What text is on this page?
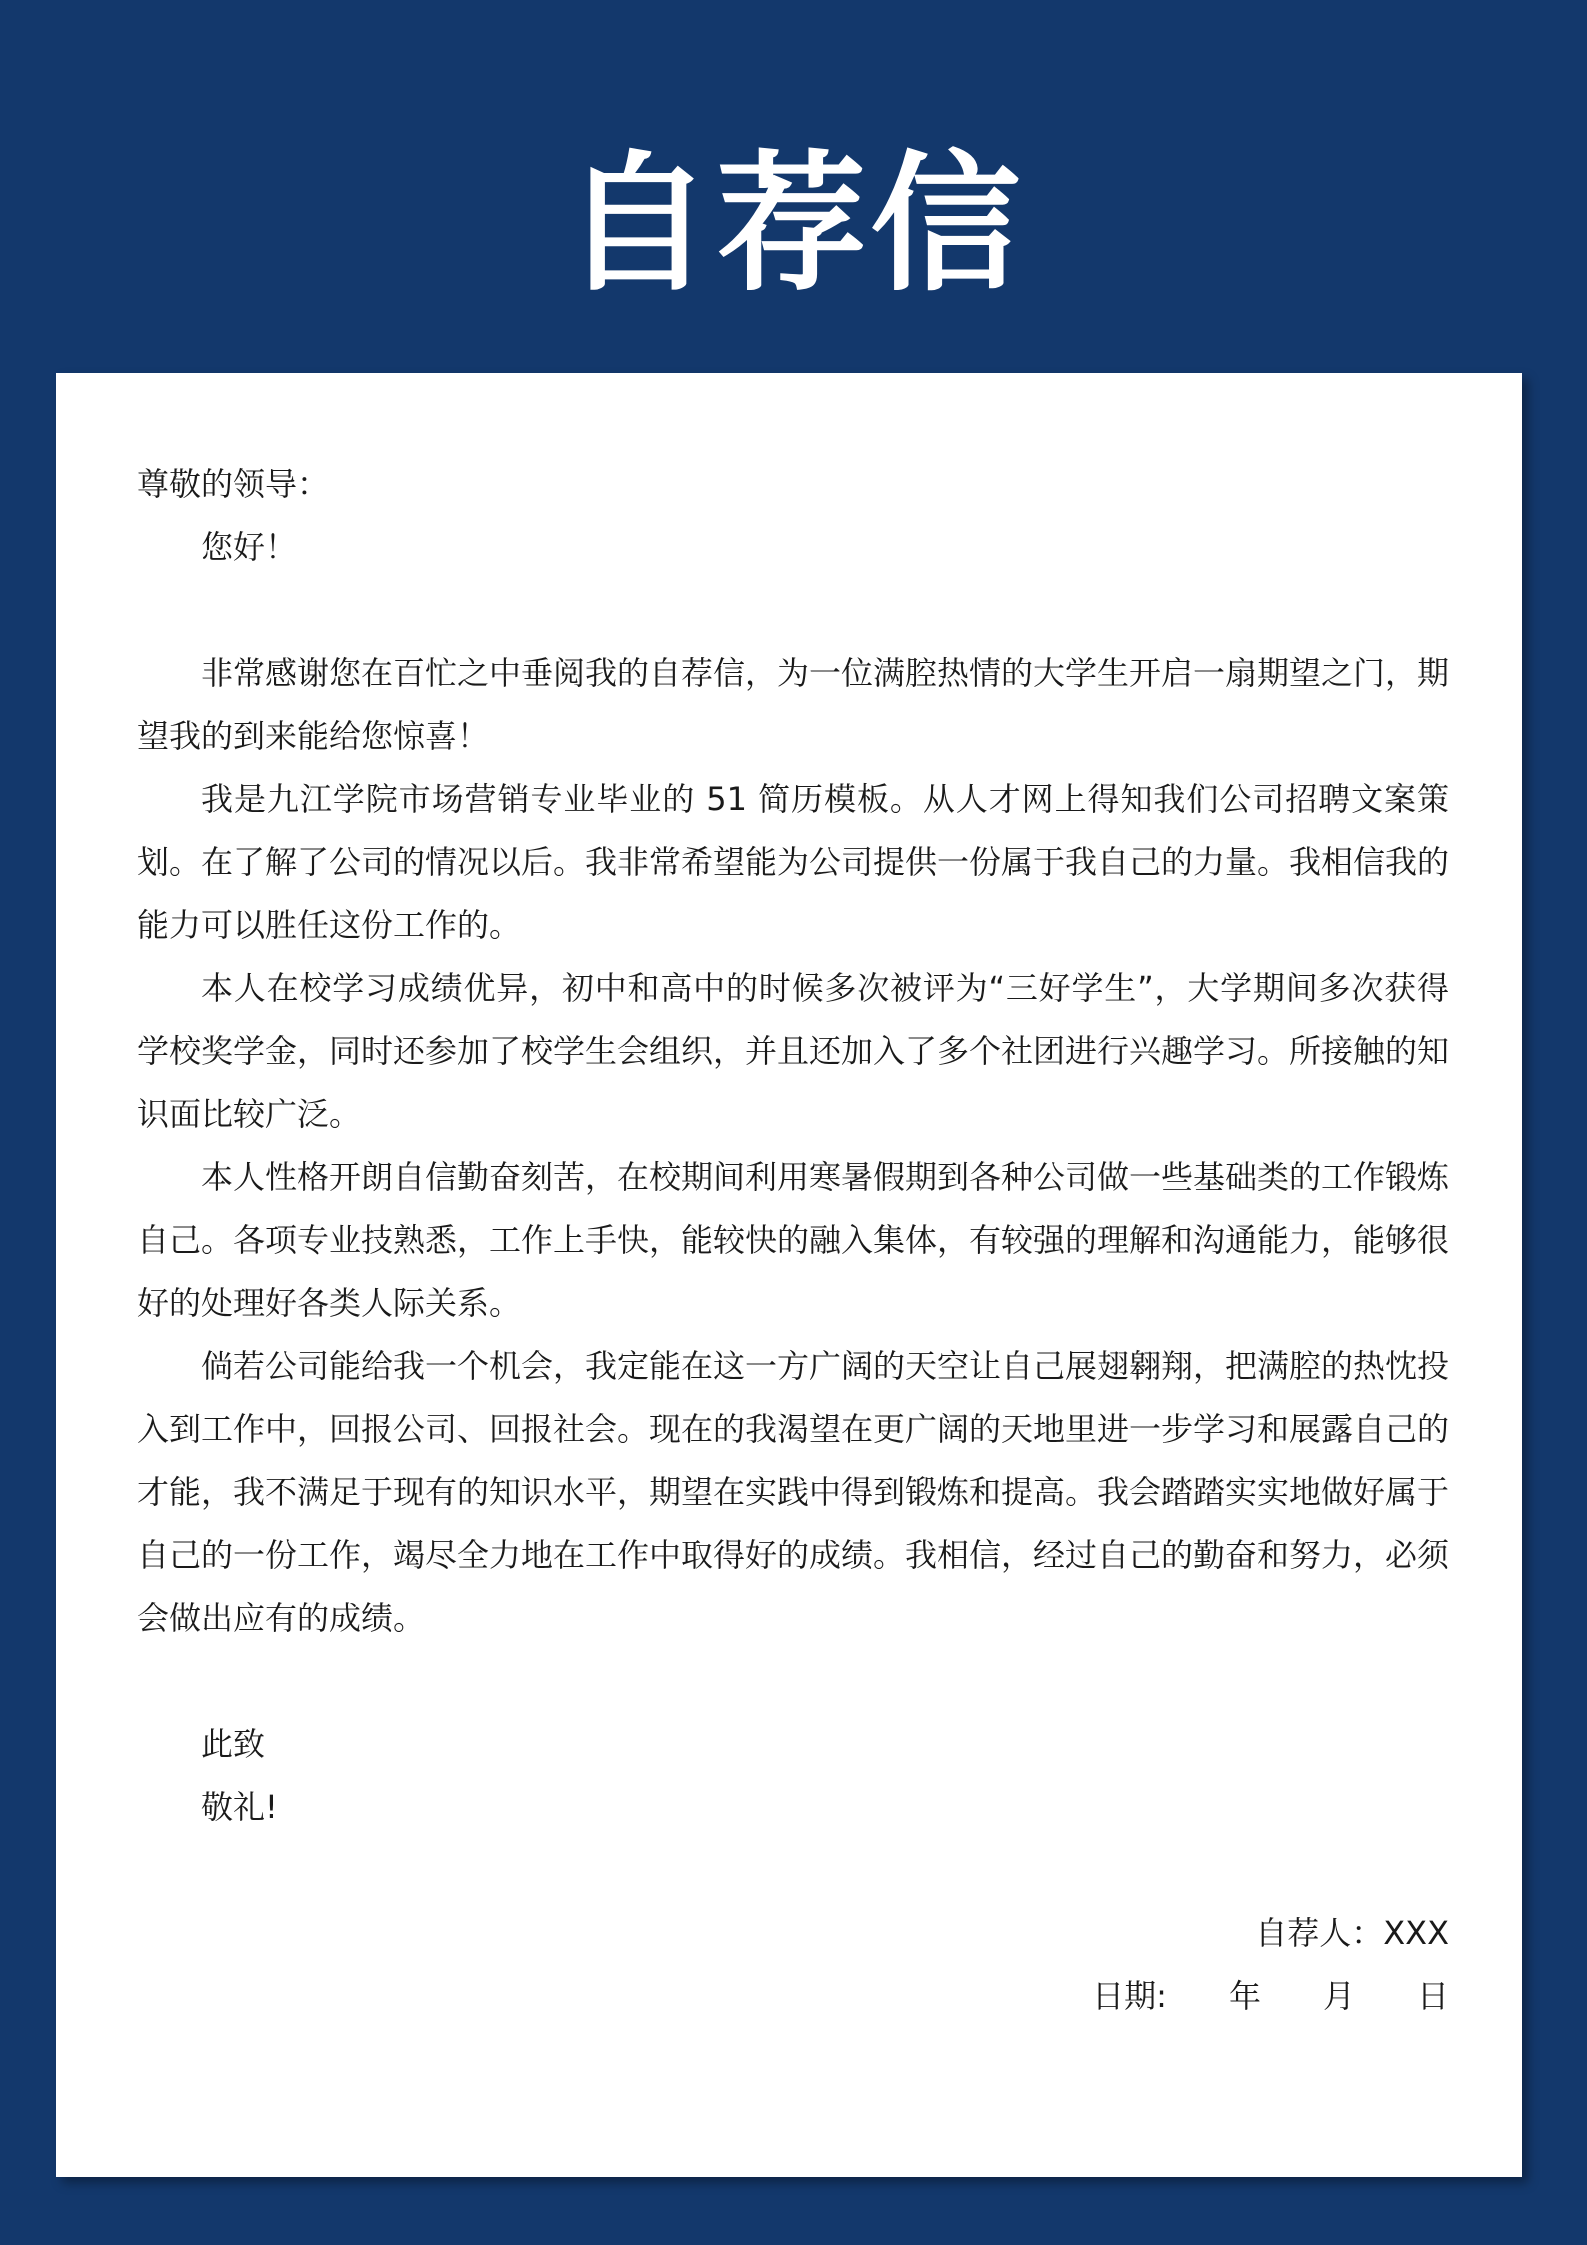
自荐信
尊敬的领导：
您好！

非常感谢您在百忙之中垂阅我的自荐信，为一位满腔热情的大学生开启一扇期望之门，期望我的到来能给您惊喜！

我是九江学院市场营销专业毕业的 51 简历模板。从人才网上得知我们公司招聘文案策划。在了解了公司的情况以后。我非常希望能为公司提供一份属于我自己的力量。我相信我的能力可以胜任这份工作的。

本人在校学习成绩优异，初中和高中的时候多次被评为“三好学生”，大学期间多次获得学校奖学金，同时还参加了校学生会组织，并且还加入了多个社团进行兴趣学习。所接触的知识面比较广泛。

本人性格开朗自信勤奋刻苦，在校期间利用寒暑假期到各种公司做一些基础类的工作锻炼自己。各项专业技熟悉，工作上手快，能较快的融入集体，有较强的理解和沟通能力，能够很好的处理好各类人际关系。

倘若公司能给我一个机会，我定能在这一方广阔的天空让自己展翅翱翔，把满腔的热忱投入到工作中，回报公司、回报社会。现在的我渴望在更广阔的天地里进一步学习和展露自己的才能，我不满足于现有的知识水平，期望在实践中得到锻炼和提高。我会踏踏实实地做好属于自己的一份工作，竭尽全力地在工作中取得好的成绩。我相信，经过自己的勤奋和努力，必须会做出应有的成绩。

此致
敬礼!
自荐人：XXX
日期: 年 月 日
